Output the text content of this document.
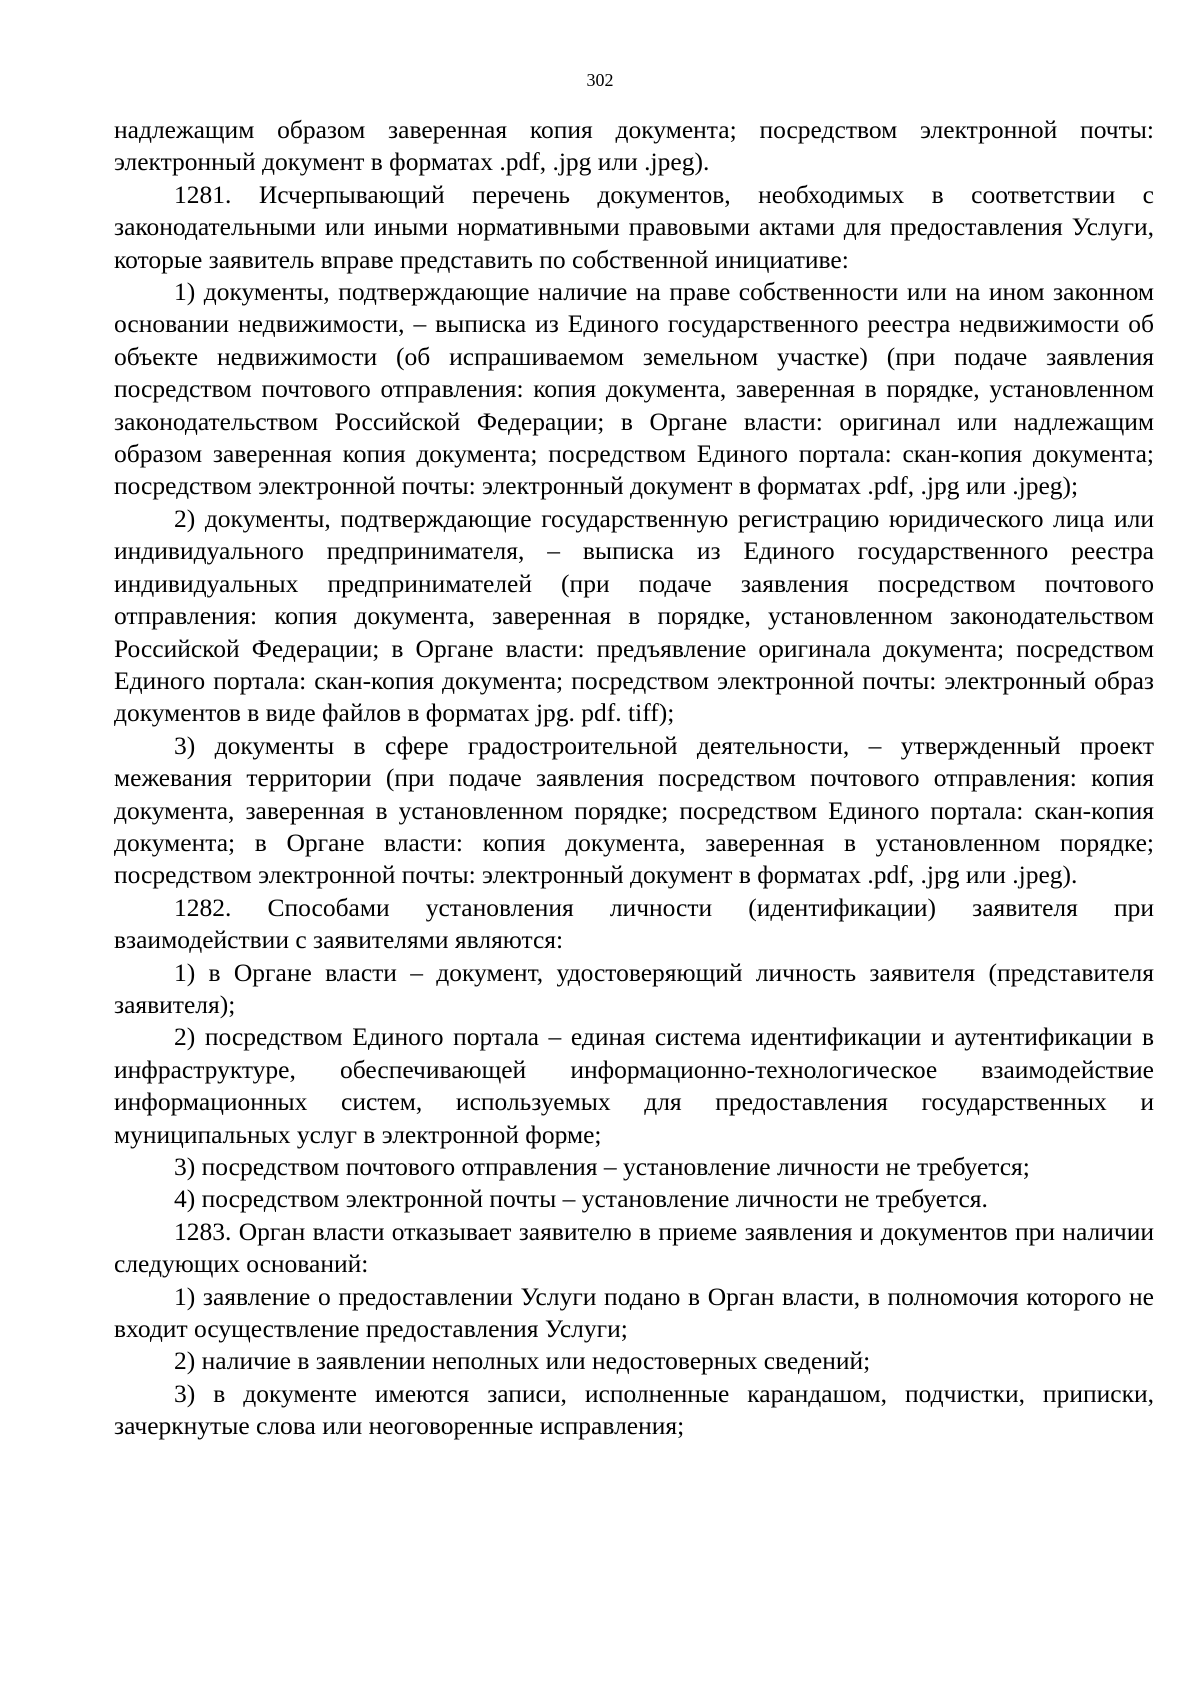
302

надлежащим образом заверенная копия документа; посредством электронной почты: электронный документ в форматах .pdf, .jpg или .jpeg).

1281. Исчерпывающий перечень документов, необходимых в соответствии с законодательными или иными нормативными правовыми актами для предоставления Услуги, которые заявитель вправе представить по собственной инициативе:

1) документы, подтверждающие наличие на праве собственности или на ином законном основании недвижимости, – выписка из Единого государственного реестра недвижимости об объекте недвижимости (об испрашиваемом земельном участке) (при подаче заявления посредством почтового отправления: копия документа, заверенная в порядке, установленном законодательством Российской Федерации; в Органе власти: оригинал или надлежащим образом заверенная копия документа; посредством Единого портала: скан-копия документа; посредством электронной почты: электронный документ в форматах .pdf, .jpg или .jpeg);

2) документы, подтверждающие государственную регистрацию юридического лица или индивидуального предпринимателя, – выписка из Единого государственного реестра индивидуальных предпринимателей (при подаче заявления посредством почтового отправления: копия документа, заверенная в порядке, установленном законодательством Российской Федерации; в Органе власти: предъявление оригинала документа; посредством Единого портала: скан-копия документа; посредством электронной почты: электронный образ документов в виде файлов в форматах jpg. pdf. tiff);

3) документы в сфере градостроительной деятельности, – утвержденный проект межевания территории (при подаче заявления посредством почтового отправления: копия документа, заверенная в установленном порядке; посредством Единого портала: скан-копия документа; в Органе власти: копия документа, заверенная в установленном порядке; посредством электронной почты: электронный документ в форматах .pdf, .jpg или .jpeg).

1282. Способами установления личности (идентификации) заявителя при взаимодействии с заявителями являются:

1) в Органе власти – документ, удостоверяющий личность заявителя (представителя заявителя);

2) посредством Единого портала – единая система идентификации и аутентификации в инфраструктуре, обеспечивающей информационно-технологическое взаимодействие информационных систем, используемых для предоставления государственных и муниципальных услуг в электронной форме;

3) посредством почтового отправления – установление личности не требуется;

4) посредством электронной почты – установление личности не требуется.

1283. Орган власти отказывает заявителю в приеме заявления и документов при наличии следующих оснований:

1) заявление о предоставлении Услуги подано в Орган власти, в полномочия которого не входит осуществление предоставления Услуги;

2) наличие в заявлении неполных или недостоверных сведений;

3) в документе имеются записи, исполненные карандашом, подчистки, приписки, зачеркнутые слова или неоговоренные исправления;
